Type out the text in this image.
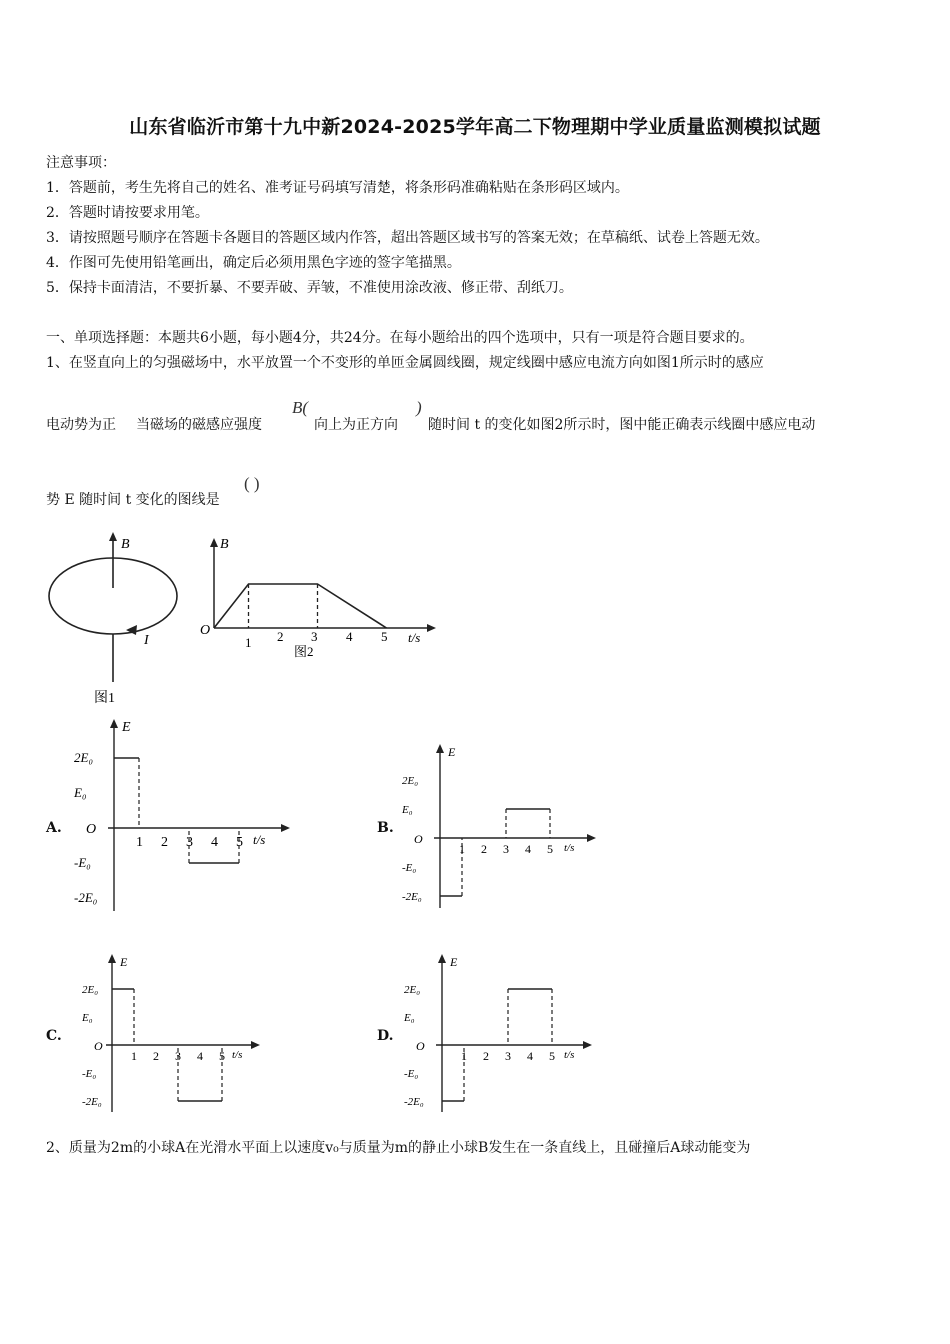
山东省临沂市第十九中新2024-2025学年高二下物理期中学业质量监测模拟试题
注意事项：
1．答题前，考生先将自己的姓名、准考证号码填写清楚，将条形码准确粘贴在条形码区域内。
2．答题时请按要求用笔。
3．请按照题号顺序在答题卡各题目的答题区域内作答，超出答题区域书写的答案无效；在草稿纸、试卷上答题无效。
4．作图可先使用铅笔画出，确定后必须用黑色字迹的签字笔描黑。
5．保持卡面清洁，不要折暴、不要弄破、弄皱，不准使用涂改液、修正带、刮纸刀。
一、单项选择题：本题共6小题，每小题4分，共24分。在每小题给出的四个选项中，只有一项是符合题目要求的。
1、在竖直向上的匀强磁场中，水平放置一个不变形的单匝金属圆线圈，规定线圈中感应电流方向如图1所示时的感应
电动势为正 当磁场的磁感应强度
B(
向上为正方向
)
随时间 t 的变化如图2所示时，图中能正确表示线圈中感应电动
势 E 随时间 t 变化的图线是
( )
B
I
图1
B
O
1 2 3 4 5 t/s
图2
A.	B.
C.	D.
E
O
2E₀
E₀
-E₀
-2E₀
1 2 3 4 5 t/s
E
O
2E₀
E₀
-E₀
-2E₀
1 2 3 4 5 t/s
E
O
2E₀
E₀
-E₀
-2E₀
1 2 3 4 5 t/s
E
O
2E₀
E₀
-E₀
-2E₀
1 2 3 4 5 t/s
2、质量为2m的小球A在光滑水平面上以速度v₀与质量为m的静止小球B发生在一条直线上，且碰撞后A球动能变为
